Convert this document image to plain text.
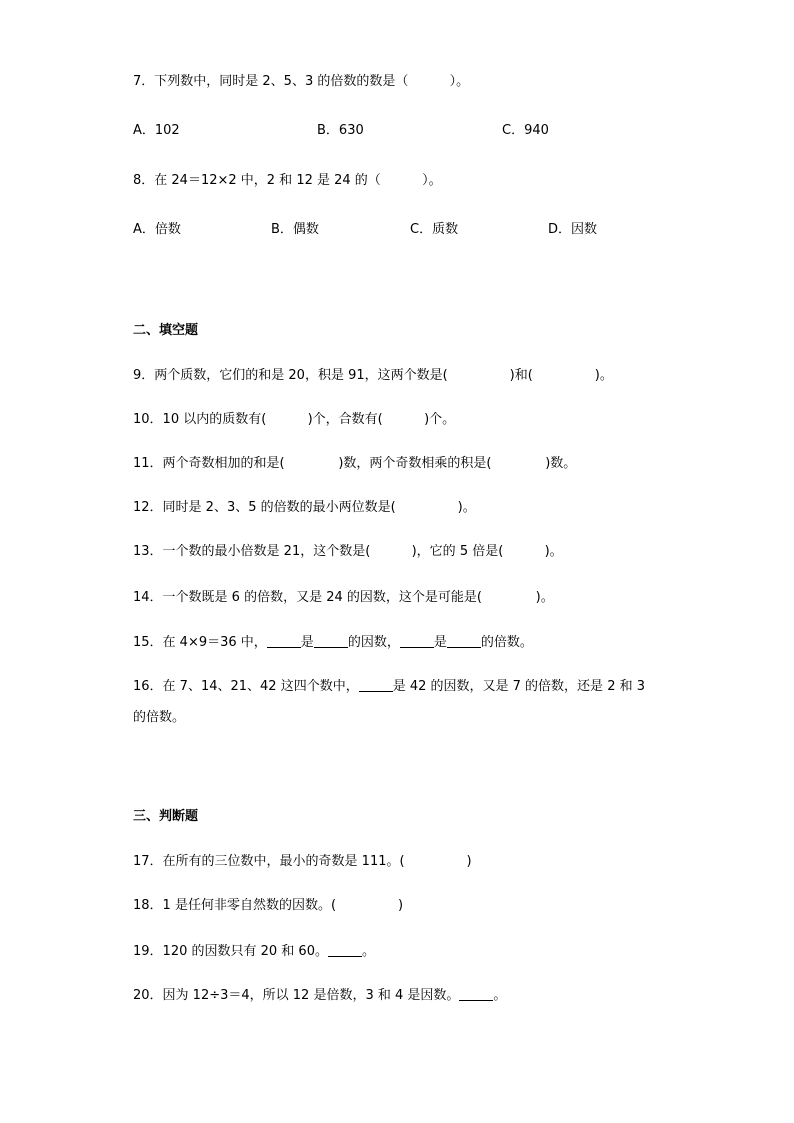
7．下列数中，同时是 2、5、3 的倍数的数是（          ）。
A．102	B．630	C．940
8．在 24＝12×2 中，2 和 12 是 24 的（          ）。
A．倍数	B．偶数	C．质数	D．因数
二、填空题
9．两个质数，它们的和是 20，积是 91，这两个数是(               )和(               )。
10．10 以内的质数有(          )个，合数有(          )个。
11．两个奇数相加的和是(             )数，两个奇数相乘的积是(             )数。
12．同时是 2、3、5 的倍数的最小两位数是(               )。
13．一个数的最小倍数是 21，这个数是(          )，它的 5 倍是(          )。
14．一个数既是 6 的倍数，又是 24 的因数，这个是可能是(             )。
15．在 4×9＝36 中，	是	的因数，	是	的倍数。
16．在 7、14、21、42 这四个数中，	是 42 的因数，又是 7 的倍数，还是 2 和 3
的倍数。
三、判断题
17．在所有的三位数中，最小的奇数是 111。(               )
18．1 是任何非零自然数的因数。(               )
19．120 的因数只有 20 和 60。	。
20．因为 12÷3＝4，所以 12 是倍数，3 和 4 是因数。	。
